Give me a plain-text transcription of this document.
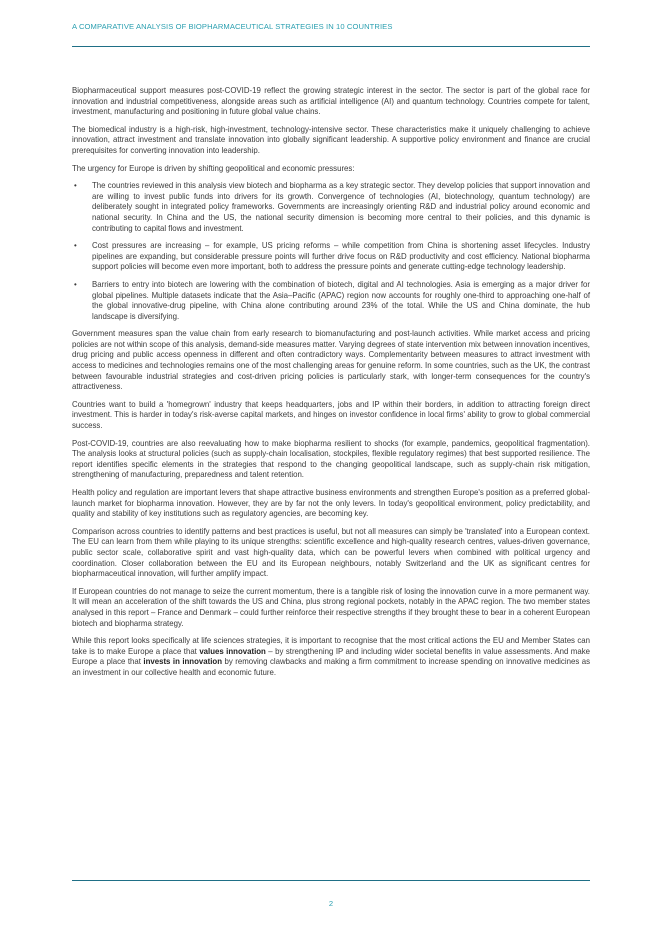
A COMPARATIVE ANALYSIS OF BIOPHARMACEUTICAL STRATEGIES IN 10 COUNTRIES

Biopharmaceutical support measures post-COVID-19 reflect the growing strategic interest in the sector. The sector is part of the global race for innovation and industrial competitiveness, alongside areas such as artificial intelligence (AI) and quantum technology. Countries compete for talent, investment, manufacturing and positioning in future global value chains.

The biomedical industry is a high-risk, high-investment, technology-intensive sector. These characteristics make it uniquely challenging to achieve innovation, attract investment and translate innovation into globally significant leadership. A supportive policy environment and finance are crucial prerequisites for converting innovation into leadership.

The urgency for Europe is driven by shifting geopolitical and economic pressures:

• The countries reviewed in this analysis view biotech and biopharma as a key strategic sector. They develop policies that support innovation and are willing to invest public funds into drivers for its growth. Convergence of technologies (AI, biotechnology, quantum technology) are deliberately sought in integrated policy frameworks. Governments are increasingly orienting R&D and industrial policy around economic and national security. In China and the US, the national security dimension is becoming more central to their policies, and this dynamic is contributing to capital flows and investment.
• Cost pressures are increasing – for example, US pricing reforms – while competition from China is shortening asset lifecycles. Industry pipelines are expanding, but considerable pressure points will further drive focus on R&D productivity and cost efficiency. National biopharma support policies will become even more important, both to address the pressure points and generate cutting-edge technology leadership.
• Barriers to entry into biotech are lowering with the combination of biotech, digital and AI technologies. Asia is emerging as a major driver for global pipelines. Multiple datasets indicate that the Asia–Pacific (APAC) region now accounts for roughly one-third to approaching one-half of the global innovative-drug pipeline, with China alone contributing around 23% of the total. While the US and China dominate, the hub landscape is diversifying.

Government measures span the value chain from early research to biomanufacturing and post-launch activities. While market access and pricing policies are not within scope of this analysis, demand-side measures matter. Varying degrees of state intervention mix between innovation incentives, drug pricing and public access openness in different and often contradictory ways. Complementarity between measures to attract investment with access to medicines and technologies remains one of the most challenging areas for genuine reform. In some countries, such as the UK, the contrast between favourable industrial strategies and cost-driven pricing policies is particularly stark, with longer-term consequences for the country's attractiveness.

Countries want to build a 'homegrown' industry that keeps headquarters, jobs and IP within their borders, in addition to attracting foreign direct investment. This is harder in today's risk-averse capital markets, and hinges on investor confidence in local firms' ability to grow to global commercial success.

Post-COVID-19, countries are also reevaluating how to make biopharma resilient to shocks (for example, pandemics, geopolitical fragmentation). The analysis looks at structural policies (such as supply-chain localisation, stockpiles, flexible regulatory regimes) that best supported resilience. The report identifies specific elements in the strategies that respond to the changing geopolitical landscape, such as supply-chain risk mitigation, strengthening of manufacturing, preparedness and talent retention.

Health policy and regulation are important levers that shape attractive business environments and strengthen Europe's position as a preferred global-launch market for biopharma innovation. However, they are by far not the only levers. In today's geopolitical environment, policy predictability, and quality and stability of key institutions such as regulatory agencies, are becoming key.

Comparison across countries to identify patterns and best practices is useful, but not all measures can simply be 'translated' into a European context. The EU can learn from them while playing to its unique strengths: scientific excellence and high-quality research centres, values-driven governance, public sector scale, collaborative spirit and vast high-quality data, which can be powerful levers when combined with political urgency and coordination. Closer collaboration between the EU and its European neighbours, notably Switzerland and the UK as significant centres for biopharmaceutical innovation, will further amplify impact.

If European countries do not manage to seize the current momentum, there is a tangible risk of losing the innovation curve in a more permanent way. It will mean an acceleration of the shift towards the US and China, plus strong regional pockets, notably in the APAC region. The two member states analysed in this report – France and Denmark – could further reinforce their respective strengths if they brought these to bear in a coherent European biotech and biopharma strategy.

While this report looks specifically at life sciences strategies, it is important to recognise that the most critical actions the EU and Member States can take is to make Europe a place that values innovation – by strengthening IP and including wider societal benefits in value assessments. And make Europe a place that invests in innovation by removing clawbacks and making a firm commitment to increase spending on innovative medicines as an investment in our collective health and economic future.

2
